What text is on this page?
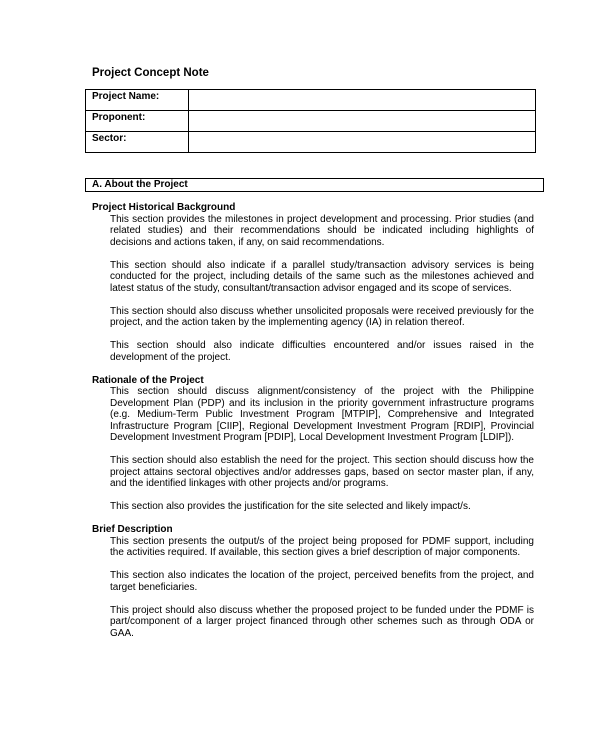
Project Concept Note
Project Name:	
Proponent:	
Sector:	
A. About the Project

Project Historical Background

This section provides the milestones in project development and processing. Prior studies (and related studies) and their recommendations should be indicated including highlights of decisions and actions taken, if any, on said recommendations.

This section should also indicate if a parallel study/transaction advisory services is being conducted for the project, including details of the same such as the milestones achieved and latest status of the study, consultant/transaction advisor engaged and its scope of services.

This section should also discuss whether unsolicited proposals were received previously for the project, and the action taken by the implementing agency (IA) in relation thereof.

This section should also indicate difficulties encountered and/or issues raised in the development of the project.

Rationale of the Project

This section should discuss alignment/consistency of the project with the Philippine Development Plan (PDP) and its inclusion in the priority government infrastructure programs (e.g. Medium-Term Public Investment Program [MTPIP], Comprehensive and Integrated Infrastructure Program [CIIP], Regional Development Investment Program [RDIP], Provincial Development Investment Program [PDIP], Local Development Investment Program [LDIP]).

This section should also establish the need for the project. This section should discuss how the project attains sectoral objectives and/or addresses gaps, based on sector master plan, if any, and the identified linkages with other projects and/or programs.

This section also provides the justification for the site selected and likely impact/s.

Brief Description

This section presents the output/s of the project being proposed for PDMF support, including the activities required. If available, this section gives a brief description of major components.

This section also indicates the location of the project, perceived benefits from the project, and target beneficiaries.

This project should also discuss whether the proposed project to be funded under the PDMF is part/component of a larger project financed through other schemes such as through ODA or GAA.
